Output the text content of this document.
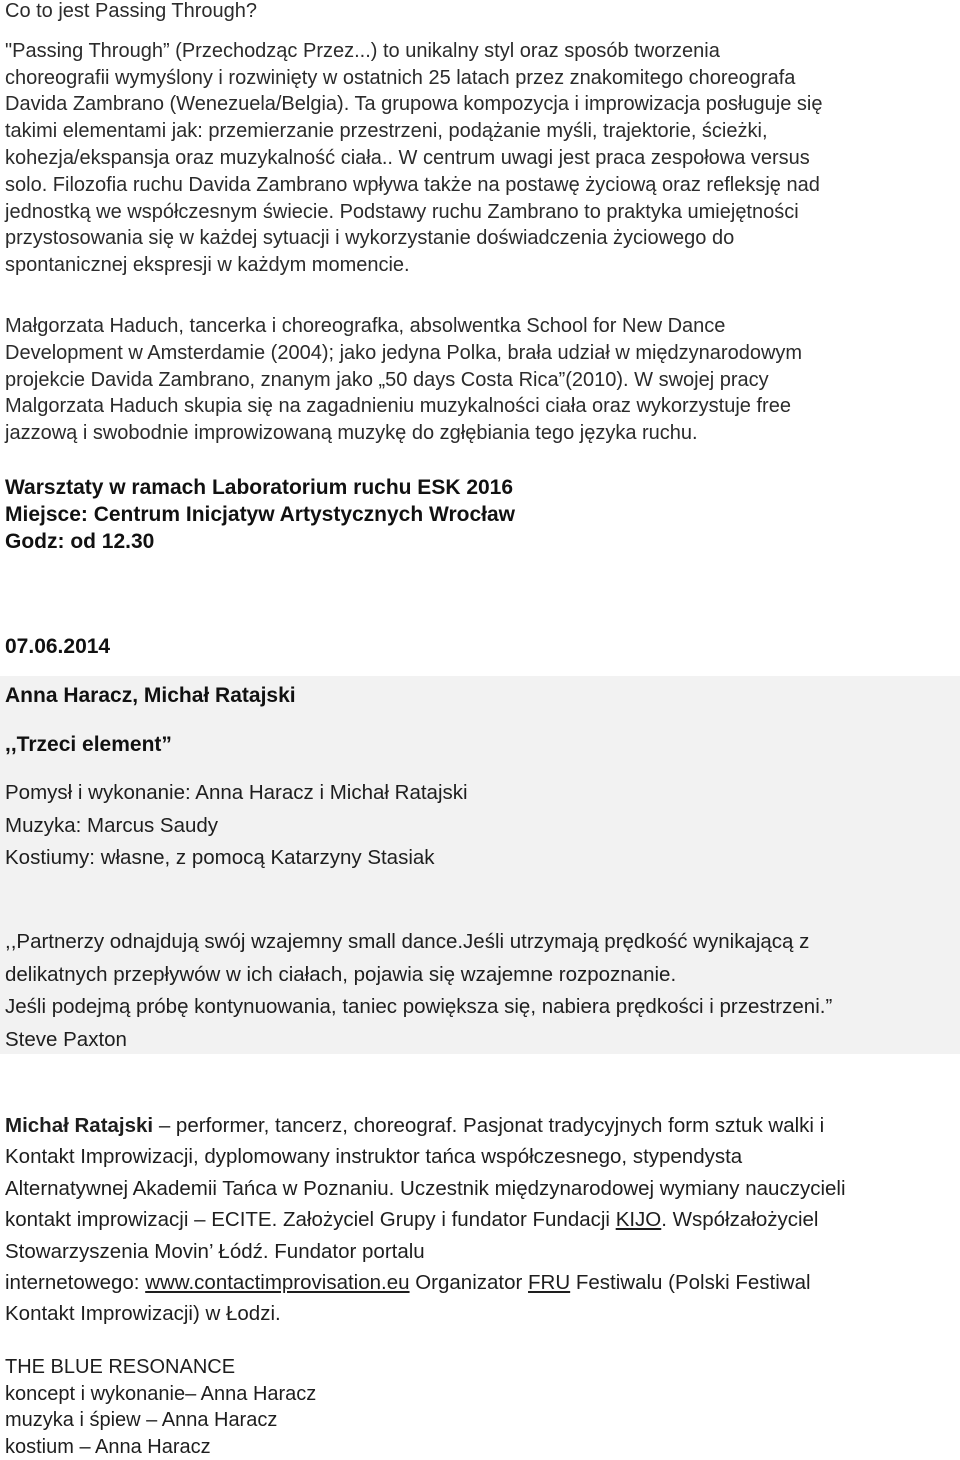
Co to jest Passing Through?
"Passing Through” (Przechodząc Przez...) to unikalny styl oraz sposób tworzenia
choreografii wymyślony i rozwinięty w ostatnich 25 latach przez znakomitego choreografa
Davida Zambrano (Wenezuela/Belgia). Ta grupowa kompozycja i improwizacja posługuje się
takimi elementami jak: przemierzanie przestrzeni, podążanie myśli, trajektorie, ścieżki,
kohezja/ekspansja oraz muzykalność ciała.. W centrum uwagi jest praca zespołowa versus
solo. Filozofia ruchu Davida Zambrano wpływa także na postawę życiową oraz refleksję nad
jednostką we współczesnym świecie. Podstawy ruchu Zambrano to praktyka umiejętności
przystosowania się w każdej sytuacji i wykorzystanie doświadczenia życiowego do
spontanicznej ekspresji w każdym momencie.
Małgorzata Haduch, tancerka i choreografka, absolwentka School for New Dance
Development w Amsterdamie (2004); jako jedyna Polka, brała udział w międzynarodowym
projekcie Davida Zambrano, znanym jako „50 days Costa Rica”(2010). W swojej pracy
Malgorzata Haduch skupia się na zagadnieniu muzykalności ciała oraz wykorzystuje free
jazzową i swobodnie improwizowaną muzykę do zgłębiania tego języka ruchu.
Warsztaty w ramach Laboratorium ruchu ESK 2016
Miejsce: Centrum Inicjatyw Artystycznych Wrocław
Godz: od 12.30
07.06.2014
Anna Haracz, Michał Ratajski
,,Trzeci element”
Pomysł i wykonanie: Anna Haracz i Michał Ratajski
Muzyka: Marcus Saudy
Kostiumy: własne, z pomocą Katarzyny Stasiak
,,Partnerzy odnajdują swój wzajemny small dance.Jeśli utrzymają prędkość wynikającą z
delikatnych przepływów w ich ciałach, pojawia się wzajemne rozpoznanie.
Jeśli podejmą próbę kontynuowania, taniec powiększa się, nabiera prędkości i przestrzeni.”
Steve Paxton
Michał Ratajski – performer, tancerz, choreograf. Pasjonat tradycyjnych form sztuk walki i
Kontakt Improwizacji, dyplomowany instruktor tańca współczesnego, stypendysta
Alternatywnej Akademii Tańca w Poznaniu. Uczestnik międzynarodowej wymiany nauczycieli
kontakt improwizacji – ECITE. Założyciel Grupy i fundator Fundacji KIJO. Współzałożyciel
Stowarzyszenia Movin’ Łódź. Fundator portalu
internetowego: www.contactimprovisation.eu Organizator FRU Festiwalu (Polski Festiwal
Kontakt Improwizacji) w Łodzi.
THE BLUE RESONANCE
koncept i wykonanie– Anna Haracz
muzyka i śpiew – Anna Haracz
kostium – Anna Haracz
